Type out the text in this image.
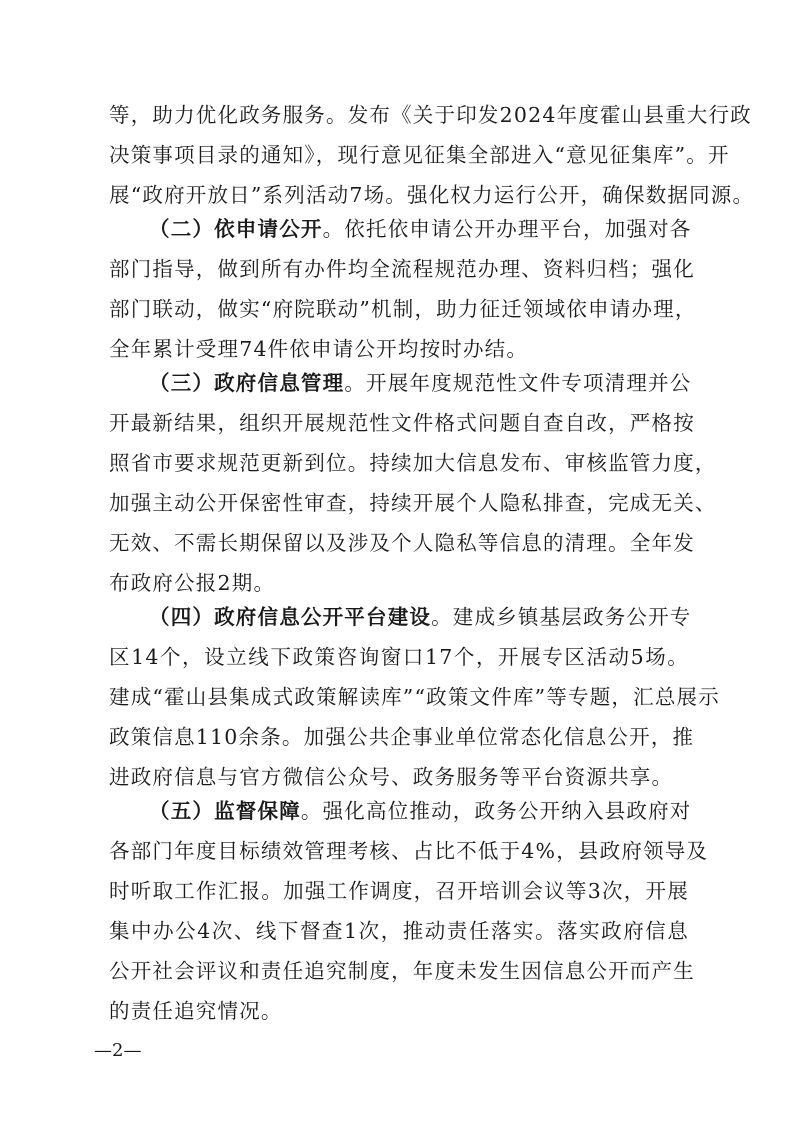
等，助力优化政务服务。发布《关于印发2024年度霍山县重大行政
决策事项目录的通知》，现行意见征集全部进入“意见征集库”。开
展“政府开放日”系列活动7场。强化权力运行公开，确保数据同源。
（二）依申请公开。依托依申请公开办理平台，加强对各
部门指导，做到所有办件均全流程规范办理、资料归档；强化
部门联动，做实“府院联动”机制，助力征迁领域依申请办理，
全年累计受理74件依申请公开均按时办结。
（三）政府信息管理。开展年度规范性文件专项清理并公
开最新结果，组织开展规范性文件格式问题自查自改，严格按
照省市要求规范更新到位。持续加大信息发布、审核监管力度，
加强主动公开保密性审查，持续开展个人隐私排查，完成无关、
无效、不需长期保留以及涉及个人隐私等信息的清理。全年发
布政府公报2期。
（四）政府信息公开平台建设。建成乡镇基层政务公开专
区14个，设立线下政策咨询窗口17个，开展专区活动5场。
建成“霍山县集成式政策解读库”“政策文件库”等专题，汇总展示
政策信息110余条。加强公共企事业单位常态化信息公开，推
进政府信息与官方微信公众号、政务服务等平台资源共享。
（五）监督保障。强化高位推动，政务公开纳入县政府对
各部门年度目标绩效管理考核、占比不低于4%，县政府领导及
时听取工作汇报。加强工作调度，召开培训会议等3次，开展
集中办公4次、线下督查1次，推动责任落实。落实政府信息
公开社会评议和责任追究制度，年度未发生因信息公开而产生
的责任追究情况。
—2—
